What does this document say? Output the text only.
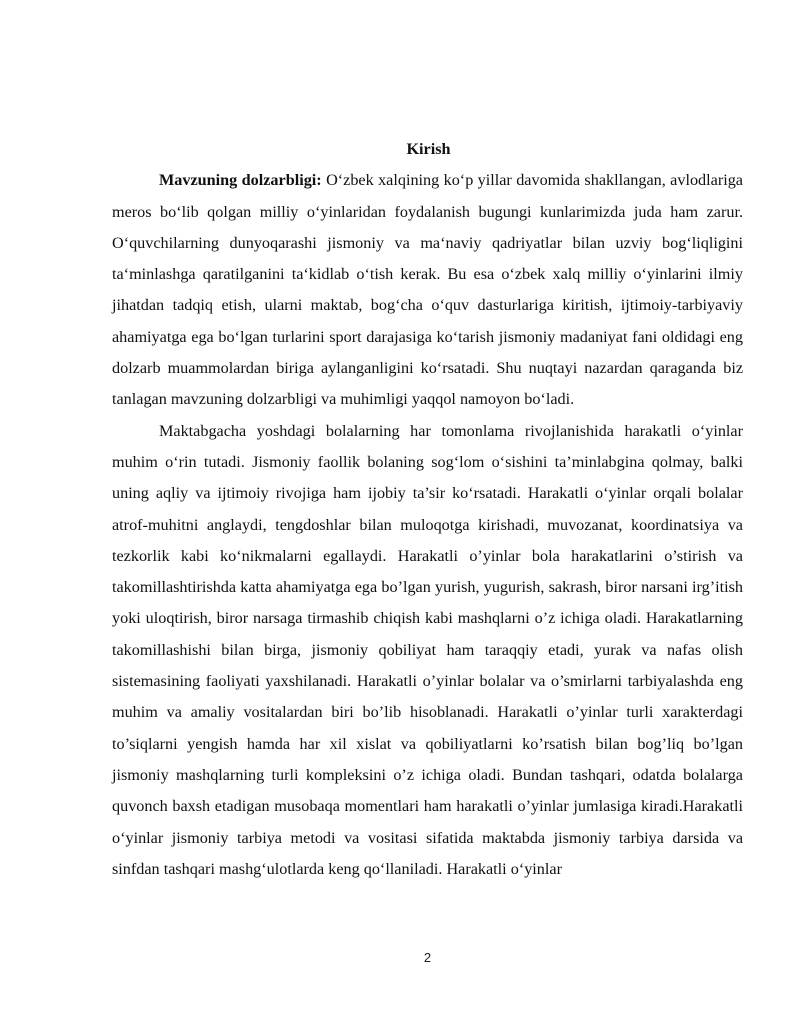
Kirish

Mavzuning dolzarbligi: O‘zbek xalqining ko‘p yillar davomida shakllangan, avlodlariga meros bo‘lib qolgan milliy o‘yinlaridan foydalanish bugungi kunlarimizda juda ham zarur. O‘quvchilarning dunyoqarashi jismoniy va ma‘naviy qadriyatlar bilan uzviy bog‘liqligini ta‘minlashga qaratilganini ta‘kidlab o‘tish kerak. Bu esa o‘zbek xalq milliy o‘yinlarini ilmiy jihatdan tadqiq etish, ularni maktab, bog‘cha o‘quv dasturlariga kiritish, ijtimoiy-tarbiyaviy ahamiyatga ega bo‘lgan turlarini sport darajasiga ko‘tarish jismoniy madaniyat fani oldidagi eng dolzarb muammolardan biriga aylanganligini ko‘rsatadi. Shu nuqtayi nazardan qaraganda biz tanlagan mavzuning dolzarbligi va muhimligi yaqqol namoyon bo‘ladi.

Maktabgacha yoshdagi bolalarning har tomonlama rivojlanishida harakatli o‘yinlar muhim o‘rin tutadi. Jismoniy faollik bolaning sog‘lom o‘sishini ta’minlabgina qolmay, balki uning aqliy va ijtimoiy rivojiga ham ijobiy ta’sir ko‘rsatadi. Harakatli o‘yinlar orqali bolalar atrof-muhitni anglaydi, tengdoshlar bilan muloqotga kirishadi, muvozanat, koordinatsiya va tezkorlik kabi ko‘nikmalarni egallaydi. Harakatli o’yinlar bola harakatlarini o’stirish va takomillashtirishda katta ahamiyatga ega bo’lgan yurish, yugurish, sakrash, biror narsani irg’itish yoki uloqtirish, biror narsaga tirmashib chiqish kabi mashqlarni o’z ichiga oladi. Harakatlarning takomillashishi bilan birga, jismoniy qobiliyat ham taraqqiy etadi, yurak va nafas olish sistemasining faoliyati yaxshilanadi. Harakatli o’yinlar bolalar va o’smirlarni tarbiyalashda eng muhim va amaliy vositalardan biri bo’lib hisoblanadi. Harakatli o’yinlar turli xarakterdagi to’siqlarni yengish hamda har xil xislat va qobiliyatlarni ko’rsatish bilan bog’liq bo’lgan jismoniy mashqlarning turli kompleksini o’z ichiga oladi. Bundan tashqari, odatda bolalarga quvonch baxsh etadigan musobaqa momentlari ham harakatli o’yinlar jumlasiga kiradi.Harakatli o‘yinlar jismoniy tarbiya metodi va vositasi sifatida maktabda jismoniy tarbiya darsida va sinfdan tashqari mashg‘ulotlarda keng qo‘llaniladi. Harakatli o‘yinlar

2
